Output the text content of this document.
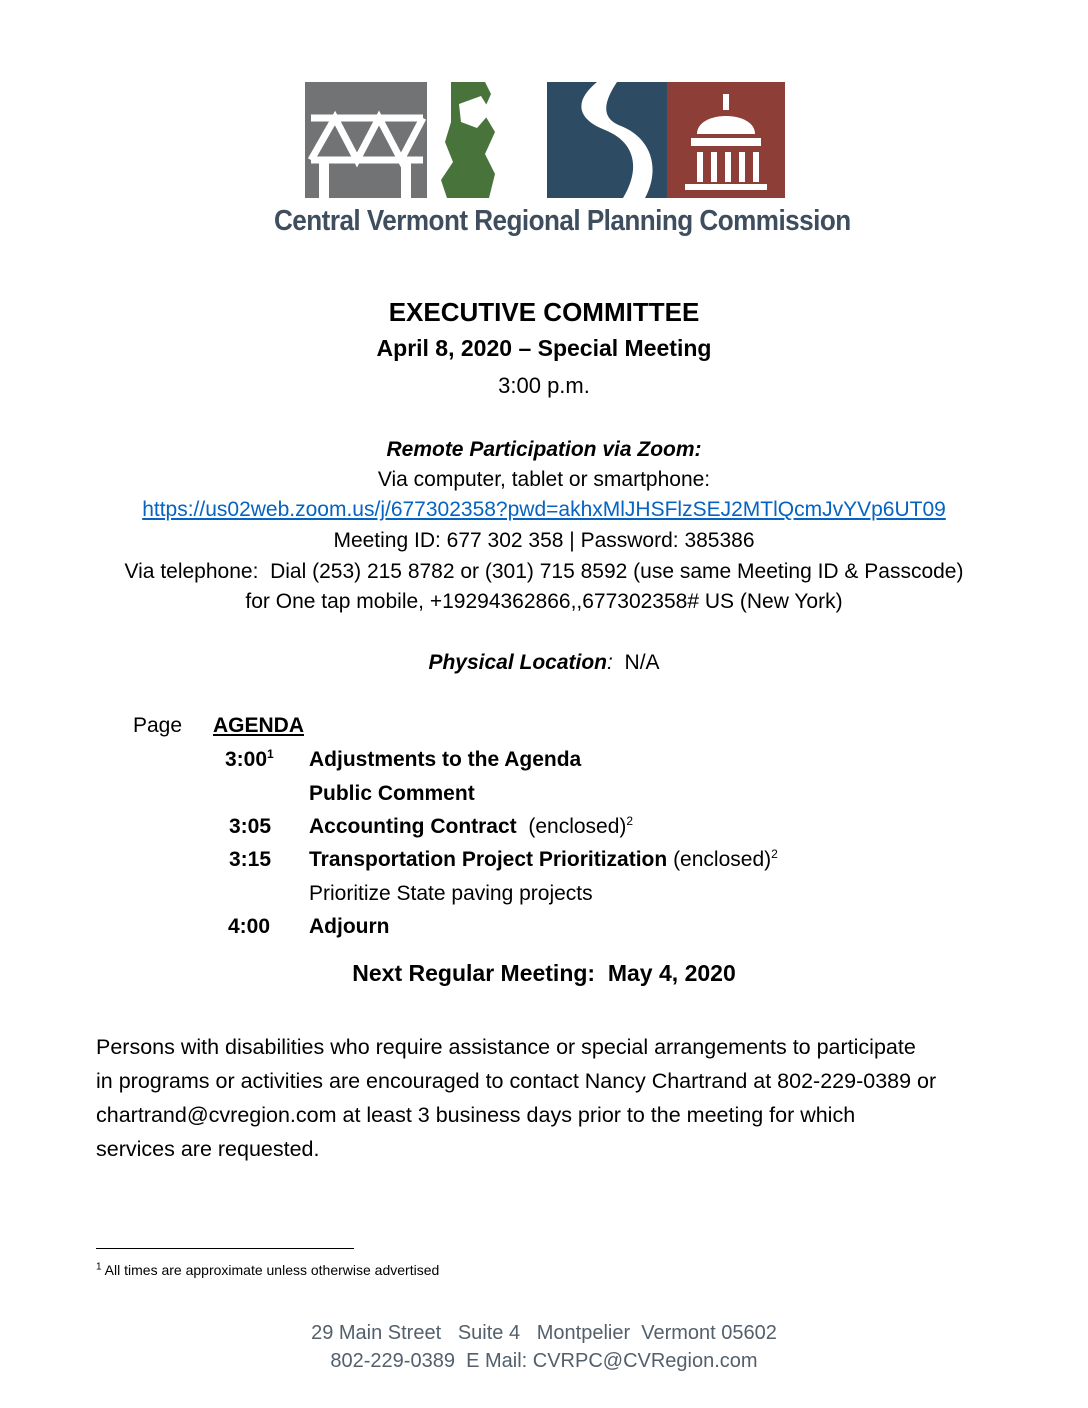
Central Vermont Regional Planning Commission
EXECUTIVE COMMITTEE
April 8, 2020 – Special Meeting
3:00 p.m.
Remote Participation via Zoom:
Via computer, tablet or smartphone:
https://us02web.zoom.us/j/677302358?pwd=akhxMlJHSFlzSEJ2MTlQcmJvYVp6UT09
Meeting ID: 677 302 358 | Password: 385386
Via telephone:  Dial (253) 215 8782 or (301) 715 8592 (use same Meeting ID & Passcode)
for One tap mobile, +19294362866,,677302358# US (New York)
Physical Location: N/A
Page AGENDA
$3:00^1$ Adjustments to the Agenda
Public Comment
3:05 Accounting Contract (enclosed)$^2$
3:15 Transportation Project Prioritization (enclosed)$^2$
Prioritize State paving projects
4:00 Adjourn
Next Regular Meeting:  May 4, 2020
Persons with disabilities who require assistance or special arrangements to participate
in programs or activities are encouraged to contact Nancy Chartrand at 802-229-0389 or
chartrand@cvregion.com at least 3 business days prior to the meeting for which
services are requested.
$^1$ All times are approximate unless otherwise advertised
29 Main Street   Suite 4   Montpelier  Vermont 05602
802-229-0389  E Mail: CVRPC@CVRegion.com
